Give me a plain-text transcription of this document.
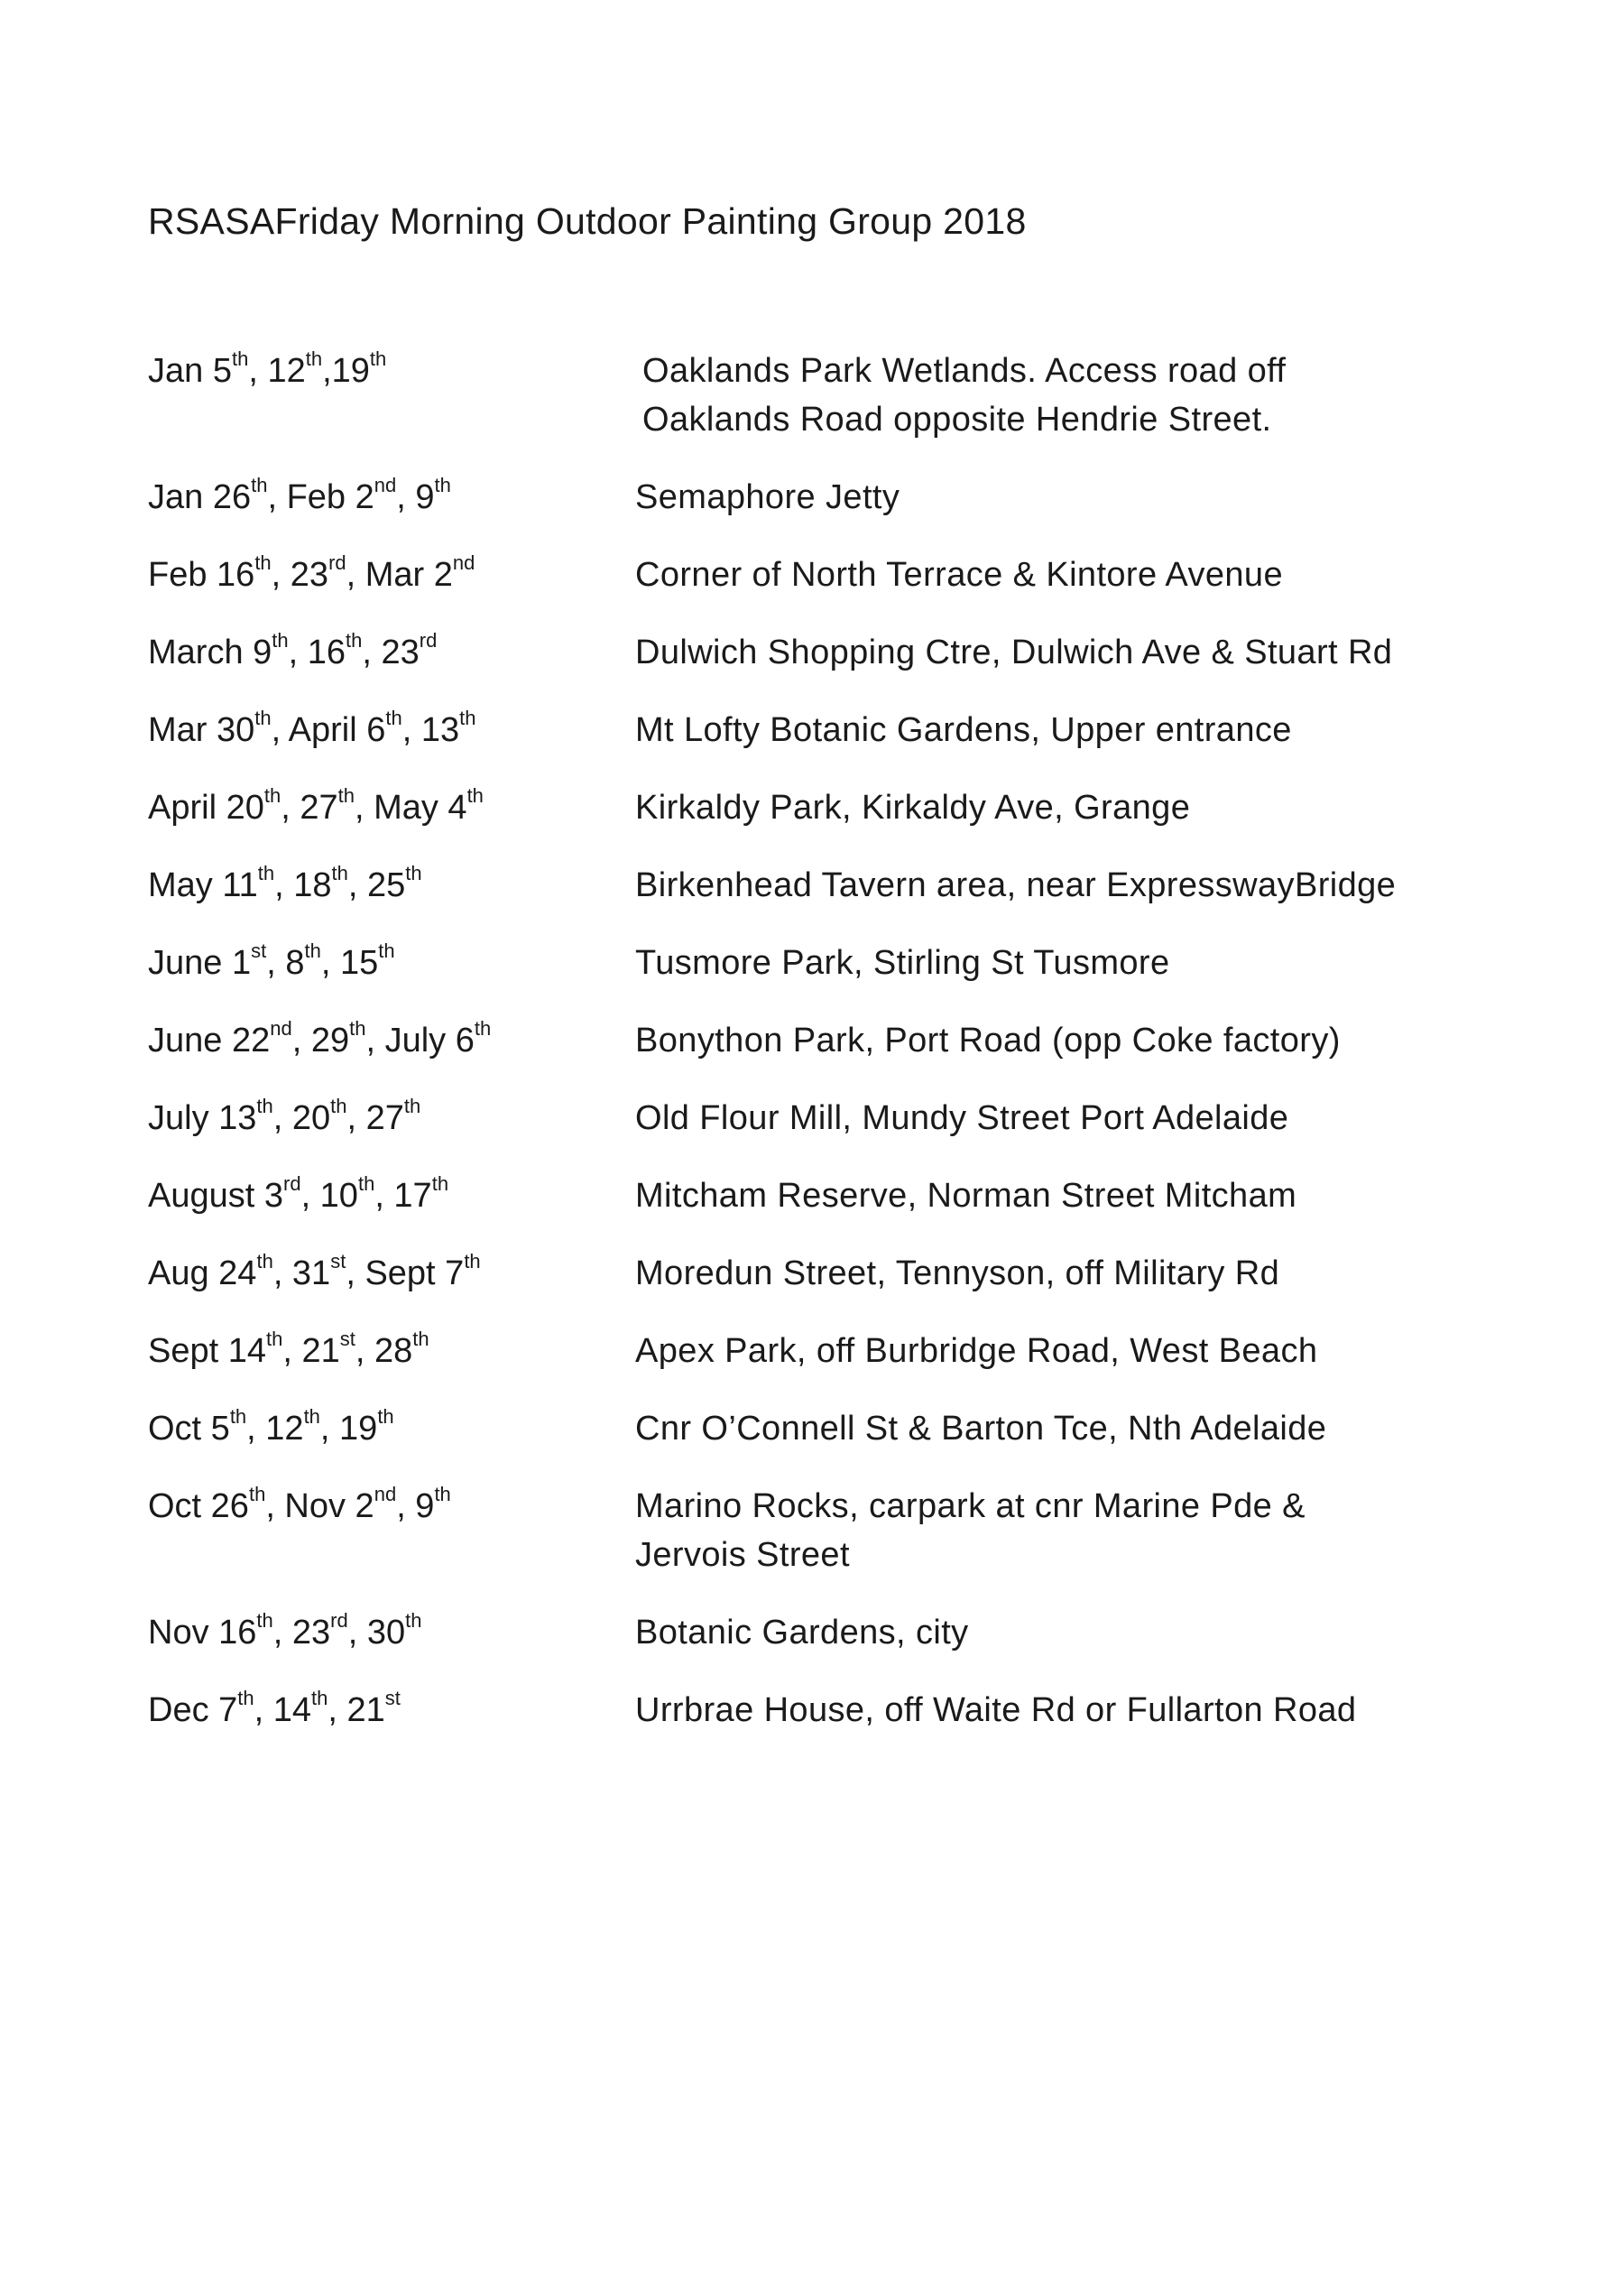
RSASAFriday Morning Outdoor Painting Group 2018
Jan 5th, 12th,19th	Oaklands Park Wetlands. Access road off
Oaklands Road opposite Hendrie Street.
Jan 26th, Feb 2nd, 9th	Semaphore Jetty
Feb 16th, 23rd, Mar 2nd	Corner of North Terrace & Kintore Avenue
March 9th, 16th, 23rd	Dulwich Shopping Ctre, Dulwich Ave & Stuart Rd
Mar 30th, April 6th, 13th	Mt Lofty Botanic Gardens, Upper entrance
April 20th, 27th, May 4th	Kirkaldy Park, Kirkaldy Ave, Grange
May 11th, 18th, 25th	Birkenhead Tavern area, near ExpresswayBridge
June 1st, 8th, 15th	Tusmore Park, Stirling St Tusmore
June 22nd, 29th, July 6th	Bonython Park, Port Road (opp Coke factory)
July 13th, 20th, 27th	Old Flour Mill, Mundy Street Port Adelaide
August 3rd, 10th, 17th	Mitcham Reserve, Norman Street Mitcham
Aug 24th, 31st, Sept 7th	Moredun Street, Tennyson, off Military Rd
Sept 14th, 21st, 28th	Apex Park, off Burbridge Road, West Beach
Oct 5th, 12th, 19th	Cnr O’Connell St & Barton Tce, Nth Adelaide
Oct 26th, Nov 2nd, 9th	Marino Rocks, carpark at cnr Marine Pde &
Jervois Street
Nov 16th, 23rd, 30th	Botanic Gardens, city
Dec 7th, 14th, 21st	Urrbrae House, off Waite Rd or Fullarton Road
